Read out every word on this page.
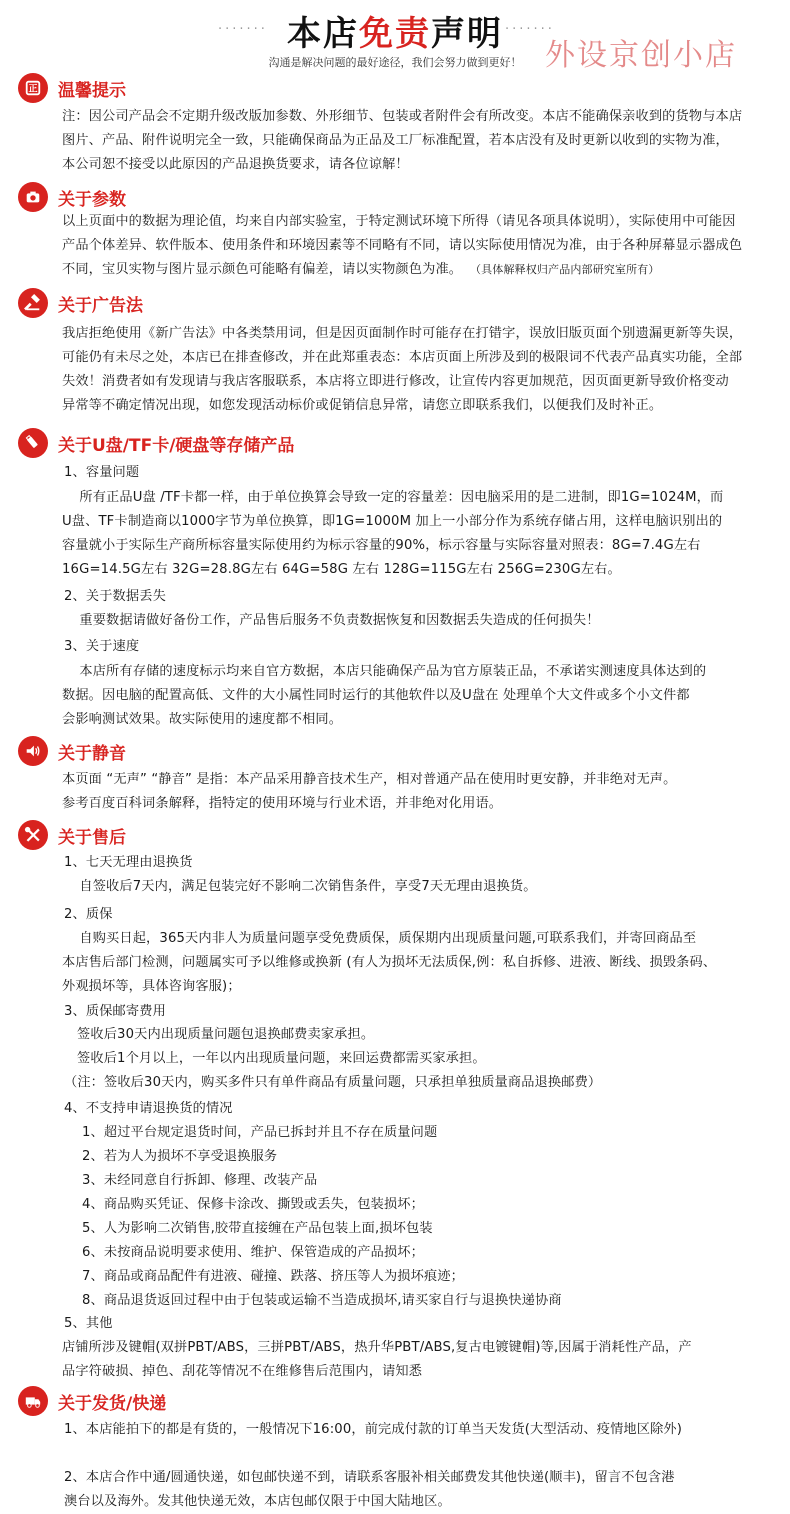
······· 本店免责声明 ·······
沟通是解决问题的最好途径，我们会努力做到更好！ 外设京创小店
正 温馨提示
注：因公司产品会不定期升级改版加参数、外形细节、包装或者附件会有所改变。本店不能确保亲收到的货物与本店
图片、产品、附件说明完全一致，只能确保商品为正品及工厂标准配置，若本店没有及时更新以收到的实物为准，
本公司恕不接受以此原因的产品退换货要求，请各位谅解！
关于参数
以上页面中的数据为理论值，均来自内部实验室，于特定测试环境下所得（请见各项具体说明），实际使用中可能因
产品个体差异、软件版本、使用条件和环境因素等不同略有不同，请以实际使用情况为准，由于各种屏幕显示器成色
不同，宝贝实物与图片显示颜色可能略有偏差，请以实物颜色为准。 （具体解释权归产品内部研究室所有）
关于广告法
我店拒绝使用《新广告法》中各类禁用词，但是因页面制作时可能存在打错字，误放旧版页面个别遗漏更新等失误，
可能仍有未尽之处，本店已在排查修改，并在此郑重表态：本店页面上所涉及到的极限词不代表产品真实功能，全部
失效！消费者如有发现请与我店客服联系，本店将立即进行修改，让宣传内容更加规范，因页面更新导致价格变动
异常等不确定情况出现，如您发现活动标价或促销信息异常，请您立即联系我们，以便我们及时补正。
关于U盘/TF卡/硬盘等存储产品
1、容量问题
所有正品U盘 /TF卡都一样，由于单位换算会导致一定的容量差：因电脑采用的是二进制，即1G=1024M，而
U盘、TF卡制造商以1000字节为单位换算，即1G=1000M 加上一小部分作为系统存储占用，这样电脑识别出的
容量就小于实际生产商所标容量实际使用约为标示容量的90%，标示容量与实际容量对照表：8G=7.4G左右
16G=14.5G左右 32G=28.8G左右 64G=58G 左右 128G=115G左右 256G=230G左右。
2、关于数据丢失
重要数据请做好备份工作，产品售后服务不负责数据恢复和因数据丢失造成的任何损失！
3、关于速度
本店所有存储的速度标示均来自官方数据，本店只能确保产品为官方原装正品，不承诺实测速度具体达到的
数据。因电脑的配置高低、文件的大小属性同时运行的其他软件以及U盘在 处理单个大文件或多个小文件都
会影响测试效果。故实际使用的速度都不相同。
关于静音
本页面 “无声” “静音” 是指：本产品采用静音技术生产，相对普通产品在使用时更安静，并非绝对无声。
参考百度百科词条解释，指特定的使用环境与行业术语，并非绝对化用语。
关于售后
1、七天无理由退换货
自签收后7天内，满足包装完好不影响二次销售条件，享受7天无理由退换货。
2、质保
自购买日起，365天内非人为质量问题享受免费质保，质保期内出现质量问题,可联系我们，并寄回商品至
本店售后部门检测，问题属实可予以维修或换新 (有人为损坏无法质保,例：私自拆修、进液、断线、损毁条码、
外观损坏等，具体咨询客服)；
3、质保邮寄费用
签收后30天内出现质量问题包退换邮费卖家承担。
签收后1个月以上，一年以内出现质量问题，来回运费都需买家承担。
（注：签收后30天内，购买多件只有单件商品有质量问题，只承担单独质量商品退换邮费）
4、不支持申请退换货的情况
1、超过平台规定退货时间，产品已拆封并且不存在质量问题
2、若为人为损坏不享受退换服务
3、未经同意自行拆卸、修理、改装产品
4、商品购买凭证、保修卡涂改、撕毁或丢失，包装损坏；
5、人为影响二次销售,胶带直接缠在产品包装上面,损坏包装
6、未按商品说明要求使用、维护、保管造成的产品损坏；
7、商品或商品配件有进液、碰撞、跌落、挤压等人为损坏痕迹；
8、商品退货返回过程中由于包装或运输不当造成损坏,请买家自行与退换快递协商
5、其他
店铺所涉及键帽(双拼PBT/ABS，三拼PBT/ABS，热升华PBT/ABS,复古电镀键帽)等,因属于消耗性产品，产
品字符破损、掉色、刮花等情况不在维修售后范围内，请知悉
关于发货/快递
1、本店能拍下的都是有货的，一般情况下16:00，前完成付款的订单当天发货(大型活动、疫情地区除外)

2、本店合作中通/圆通快递，如包邮快递不到，请联系客服补相关邮费发其他快递(顺丰)，留言不包含港
澳台以及海外。发其他快递无效，本店包邮仅限于中国大陆地区。
